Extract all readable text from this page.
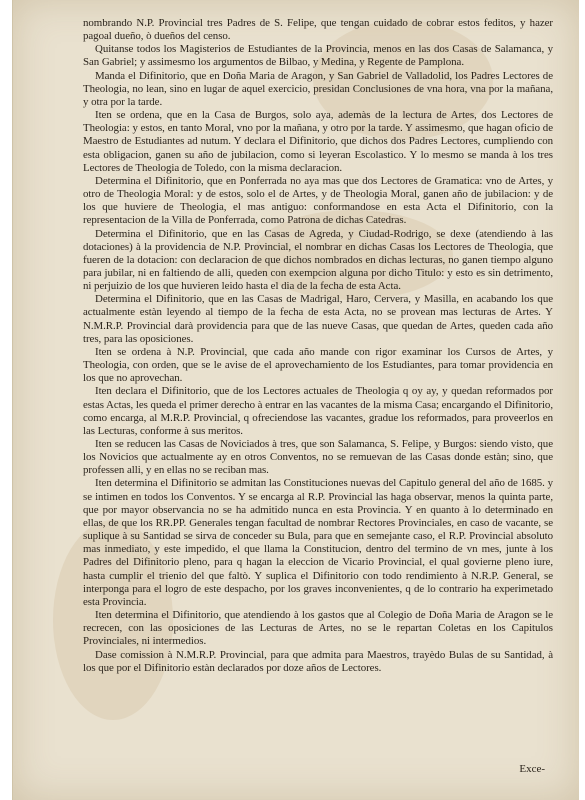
nombrando N.P. Provincial tres Padres de S. Felipe, que tengan cuidado de cobrar estos feditos, y hazer pagoal dueño, ò dueños del censo.

Quitanse todos los Magisterios de Estudiantes de la Provincia, menos en las dos Casas de Salamanca, y San Gabriel; y assimesmo los argumentos de Bilbao, y Medina, y Regente de Pamplona.

Manda el Difinitorio, que en Doña Maria de Aragon, y San Gabriel de Valladolid, los Padres Lectores de Theologia, no lean, sino en lugar de aquel exercicio, presidan Conclusiones de vna hora, vna por la mañana, y otra por la tarde.

Iten se ordena, que en la Casa de Burgos, solo aya, ademàs de la lectura de Artes, dos Lectores de Theologia: y estos, en tanto Moral, vno por la mañana, y otro por la tarde. Y assimesmo, que hagan oficio de Maestro de Estudiantes ad nutum. Y declara el Difinitorio, que dichos dos Padres Lectores, cumpliendo con esta obligacion, ganen su año de jubilacion, como si leyeran Escolastico. Y lo mesmo se manda à los tres Lectores de Theologia de Toledo, con la misma declaracion.

Determina el Difinitorio, que en Ponferrada no aya mas que dos Lectores de Gramatica: vno de Artes, y otro de Theologia Moral: y de estos, solo el de Artes, y de Theologia Moral, ganen año de jubilacion: y de los que huviere de Theologia, el mas antiguo: conformandose en esta Acta el Difinitorio, con la representacion de la Villa de Ponferrada, como Patrona de dichas Catedras.

Determina el Difinitorio, que en las Casas de Agreda, y Ciudad-Rodrigo, se dexe (atendiendo à las dotaciones) à la providencia de N.P. Provincial, el nombrar en dichas Casas los Lectores de Theologia, que fueren de la dotacion: con declaracion de que dichos nombrados en dichas lecturas, no ganen tiempo alguno para jubilar, ni en faltiendo de alli, queden con exempcion alguna por dicho Titulo: y esto es sin detrimento, ni perjuizio de los que huvieren leido hasta el dia de la fecha de esta Acta.

Determina el Difinitorio, que en las Casas de Madrigal, Haro, Cervera, y Masilla, en acabando los que actualmente estàn leyendo al tiempo de la fecha de esta Acta, no se provean mas lecturas de Artes. Y N.M.R.P. Provincial darà providencia para que de las nueve Casas, que quedan de Artes, queden cada año tres, para las oposiciones.

Iten se ordena à N.P. Provincial, que cada año mande con rigor examinar los Cursos de Artes, y Theologia, con orden, que se le avise de el aprovechamiento de los Estudiantes, para tomar providencia en los que no aprovechan.

Iten declara el Difinitorio, que de los Lectores actuales de Theologia q oy ay, y quedan reformados por estas Actas, les queda el primer derecho à entrar en las vacantes de la misma Casa; encargando el Difinitorio, como encarga, al M.R.P. Provincial, q ofreciendose las vacantes, gradue los reformados, para proveerlos en las Lecturas, conforme à sus meritos.

Iten se reducen las Casas de Noviciados à tres, que son Salamanca, S. Felipe, y Burgos: siendo visto, que los Novicios que actualmente ay en otros Conventos, no se remuevan de las Casas donde estàn; sino, que professen alli, y en ellas no se reciban mas.

Iten determina el Difinitorio se admitan las Constituciones nuevas del Capitulo general del año de 1685. y se intimen en todos los Conventos. Y se encarga al R.P. Provincial las haga observar, menos la quinta parte, que por mayor observancia no se ha admitido nunca en esta Provincia. Y en quanto à lo determinado en ellas, de que los RR.PP. Generales tengan facultad de nombrar Rectores Provinciales, en caso de vacante, se suplique à su Santidad se sirva de conceder su Bula, para que en semejante caso, el R.P. Provincial absoluto mas inmediato, y este impedido, el que llama la Constitucion, dentro del termino de vn mes, junte à los Padres del Difinitorio pleno, para q hagan la eleccion de Vicario Provincial, el qual govierne pleno iure, hasta cumplir el trienio del que faltò. Y suplica el Difinitorio con todo rendimiento à N.R.P. General, se interponga para el logro de este despacho, por los graves inconvenientes, q de lo contrario ha experimetado esta Provincia.

Iten determina el Difinitorio, que atendiendo à los gastos que al Colegio de Doña Maria de Aragon se le recrecen, con las oposiciones de las Lecturas de Artes, no se le repartan Coletas en los Capitulos Provinciales, ni intermedios.

Dase comission à N.M.R.P. Provincial, para que admita para Maestros, trayèdo Bulas de su Santidad, à los que por el Difinitorio estàn declarados por doze años de Lectores.

Exce-
